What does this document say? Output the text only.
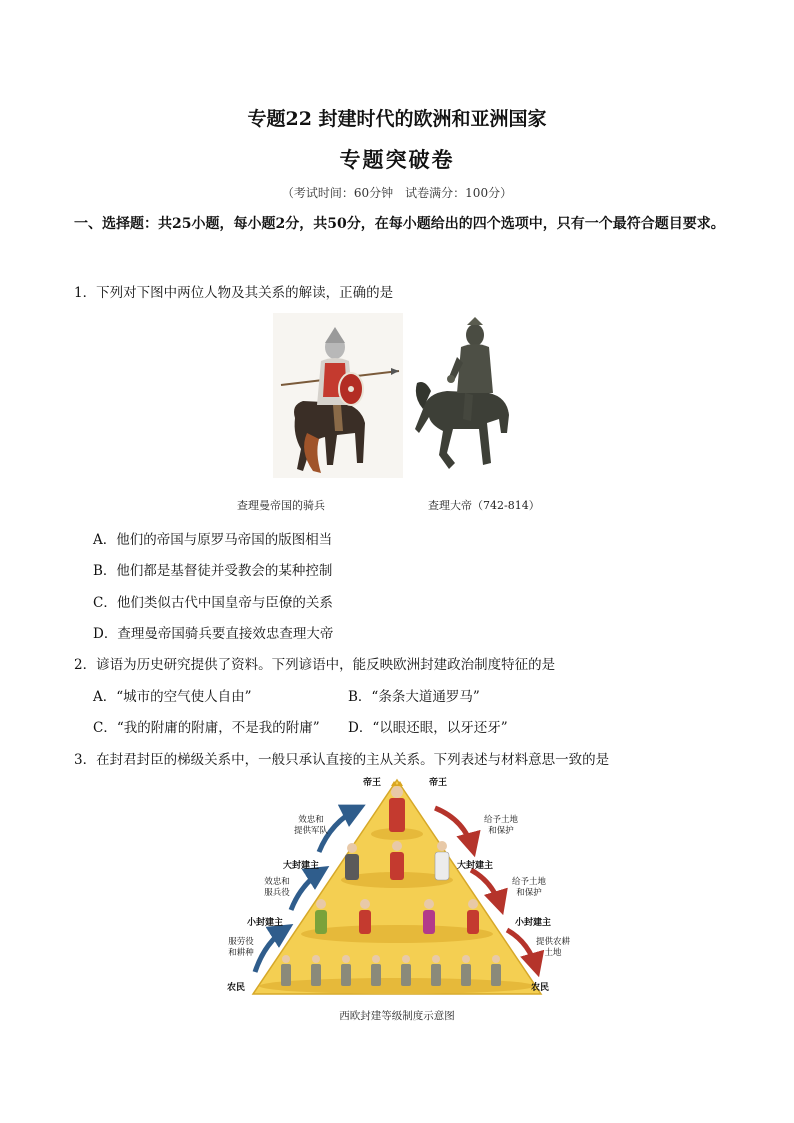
专题22 封建时代的欧洲和亚洲国家
专题突破卷
（考试时间：60分钟　试卷满分：100分）
一、选择题：共25小题，每小题2分，共50分，在每小题给出的四个选项中，只有一个最符合题目要求。
1．下列对下图中两位人物及其关系的解读，正确的是
查理曼帝国的骑兵	查理大帝（742-814）
A．他们的帝国与原罗马帝国的版图相当
B．他们都是基督徒并受教会的某种控制
C．他们类似古代中国皇帝与臣僚的关系
D．查理曼帝国骑兵要直接效忠查理大帝
2．谚语为历史研究提供了资料。下列谚语中，能反映欧洲封建政治制度特征的是
A．“城市的空气使人自由”	B．“条条大道通罗马”
C．“我的附庸的附庸，不是我的附庸” D．“以眼还眼，以牙还牙”
3．在封君封臣的梯级关系中，一般只承认直接的主从关系。下列表述与材料意思一致的是
帝王
大封建主
小封建主
农民
帝王
大封建主
小封建主
农民
效忠和提供军队
效忠和服兵役
服劳役和耕种
给予土地和保护
给予土地和保护
提供农耕土地
西欧封建等级制度示意图
